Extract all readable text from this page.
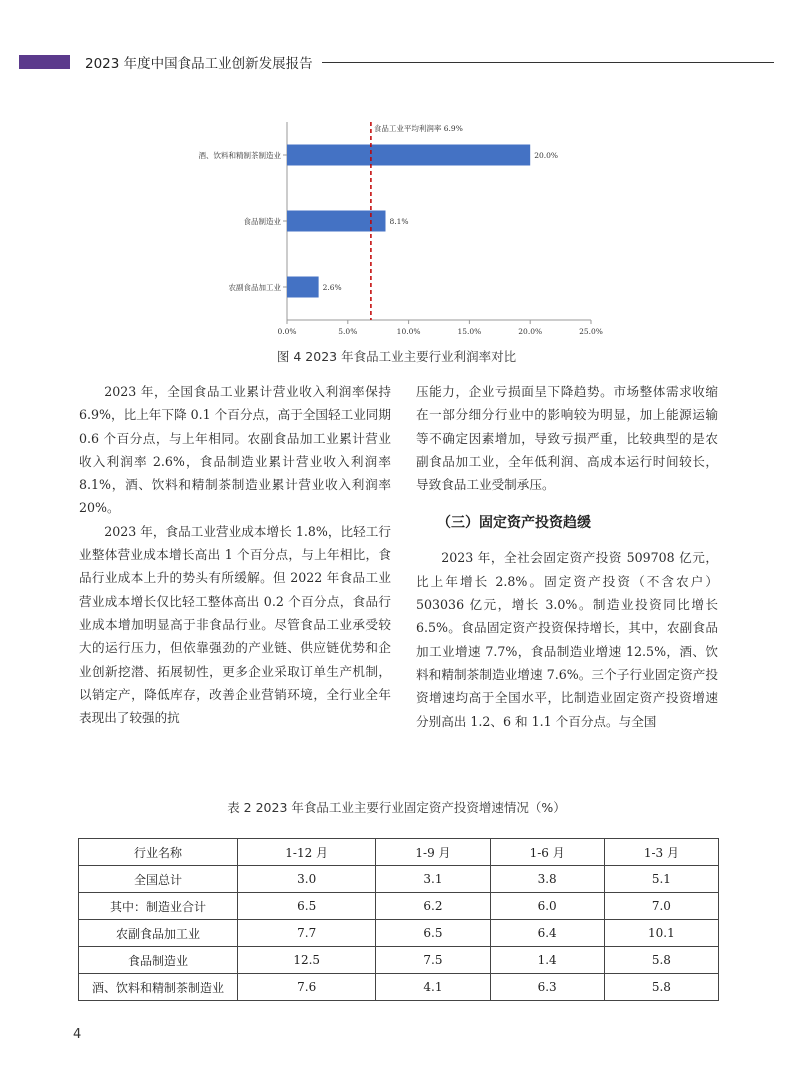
2023 年度中国食品工业创新发展报告
0.0%	5.0%	10.0%	15.0%	20.0%	25.0%
酒、饮料和精制茶制造业	20.0%
食品制造业	8.1%
农副食品加工业	2.6%
食品工业平均利润率 6.9%
图 4 2023 年食品工业主要行业利润率对比

2023 年，全国食品工业累计营业收入利润率保持 6.9%，比上年下降 0.1 个百分点，高于全国轻工业同期 0.6 个百分点，与上年相同。农副食品加工业累计营业收入利润率 2.6%，食品制造业累计营业收入利润率 8.1%，酒、饮料和精制茶制造业累计营业收入利润率 20%。

2023 年，食品工业营业成本增长 1.8%，比轻工行业整体营业成本增长高出 1 个百分点，与上年相比，食品行业成本上升的势头有所缓解。但 2022 年食品工业营业成本增长仅比轻工整体高出 0.2 个百分点，食品行业成本增加明显高于非食品行业。尽管食品工业承受较大的运行压力，但依靠强劲的产业链、供应链优势和企业创新挖潜、拓展韧性，更多企业采取订单生产机制，以销定产，降低库存，改善企业营销环境，全行业全年表现出了较强的抗

压能力，企业亏损面呈下降趋势。市场整体需求收缩在一部分细分行业中的影响较为明显，加上能源运输等不确定因素增加，导致亏损严重，比较典型的是农副食品加工业，全年低利润、高成本运行时间较长，导致食品工业受制承压。

（三）固定资产投资趋缓

2023 年，全社会固定资产投资 509708 亿元，比上年增长 2.8%。固定资产投资（不含农户）503036 亿元，增长 3.0%。制造业投资同比增长 6.5%。食品固定资产投资保持增长，其中，农副食品加工业增速 7.7%，食品制造业增速 12.5%，酒、饮料和精制茶制造业增速 7.6%。三个子行业固定资产投资增速均高于全国水平，比制造业固定资产投资增速分别高出 1.2、6 和 1.1 个百分点。与全国

表 2 2023 年食品工业主要行业固定资产投资增速情况（%）
行业名称	1-12 月	1-9 月	1-6 月	1-3 月
全国总计	3.0	3.1	3.8	5.1
其中：制造业合计	6.5	6.2	6.0	7.0
农副食品加工业	7.7	6.5	6.4	10.1
食品制造业	12.5	7.5	1.4	5.8
酒、饮料和精制茶制造业	7.6	4.1	6.3	5.8
4
